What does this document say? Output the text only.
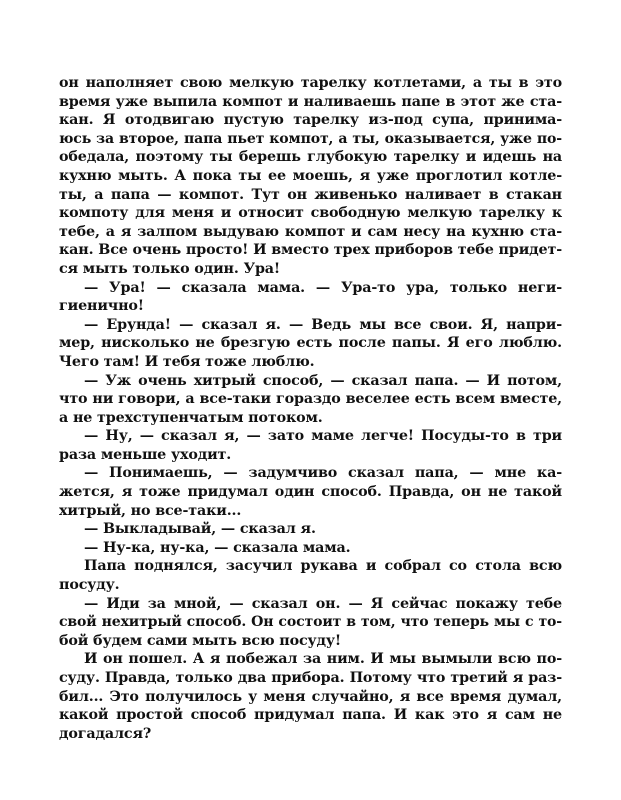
он наполняет свою мелкую тарелку котлетами, а ты в это
время уже выпила компот и наливаешь папе в этот же ста-
кан. Я отодвигаю пустую тарелку из-под супа, принима-
юсь за второе, папа пьет компот, а ты, оказывается, уже по-
обедала, поэтому ты берешь глубокую тарелку и идешь на
кухню мыть. А пока ты ее моешь, я уже проглотил котле-
ты, а папа — компот. Тут он живенько наливает в стакан
компоту для меня и относит свободную мелкую тарелку к
тебе, а я залпом выдуваю компот и сам несу на кухню ста-
кан. Все очень просто! И вместо трех приборов тебе придет-
ся мыть только один. Ура!
— Ура! — сказала мама. — Ура-то ура, только неги-
гиенично!
— Ерунда! — сказал я. — Ведь мы все свои. Я, напри-
мер, нисколько не брезгую есть после папы. Я его люблю.
Чего там! И тебя тоже люблю.
— Уж очень хитрый способ, — сказал папа. — И потом,
что ни говори, а все-таки гораздо веселее есть всем вместе,
а не трехступенчатым потоком.
— Ну, — сказал я, — зато маме легче! Посуды-то в три
раза меньше уходит.
— Понимаешь, — задумчиво сказал папа, — мне ка-
жется, я тоже придумал один способ. Правда, он не такой
хитрый, но все-таки...
— Выкладывай, — сказал я.
— Ну-ка, ну-ка, — сказала мама.
Папа поднялся, засучил рукава и собрал со стола всю
посуду.
— Иди за мной, — сказал он. — Я сейчас покажу тебе
свой нехитрый способ. Он состоит в том, что теперь мы с то-
бой будем сами мыть всю посуду!
И он пошел. А я побежал за ним. И мы вымыли всю по-
суду. Правда, только два прибора. Потому что третий я раз-
бил... Это получилось у меня случайно, я все время думал,
какой простой способ придумал папа. И как это я сам не
догадался?
